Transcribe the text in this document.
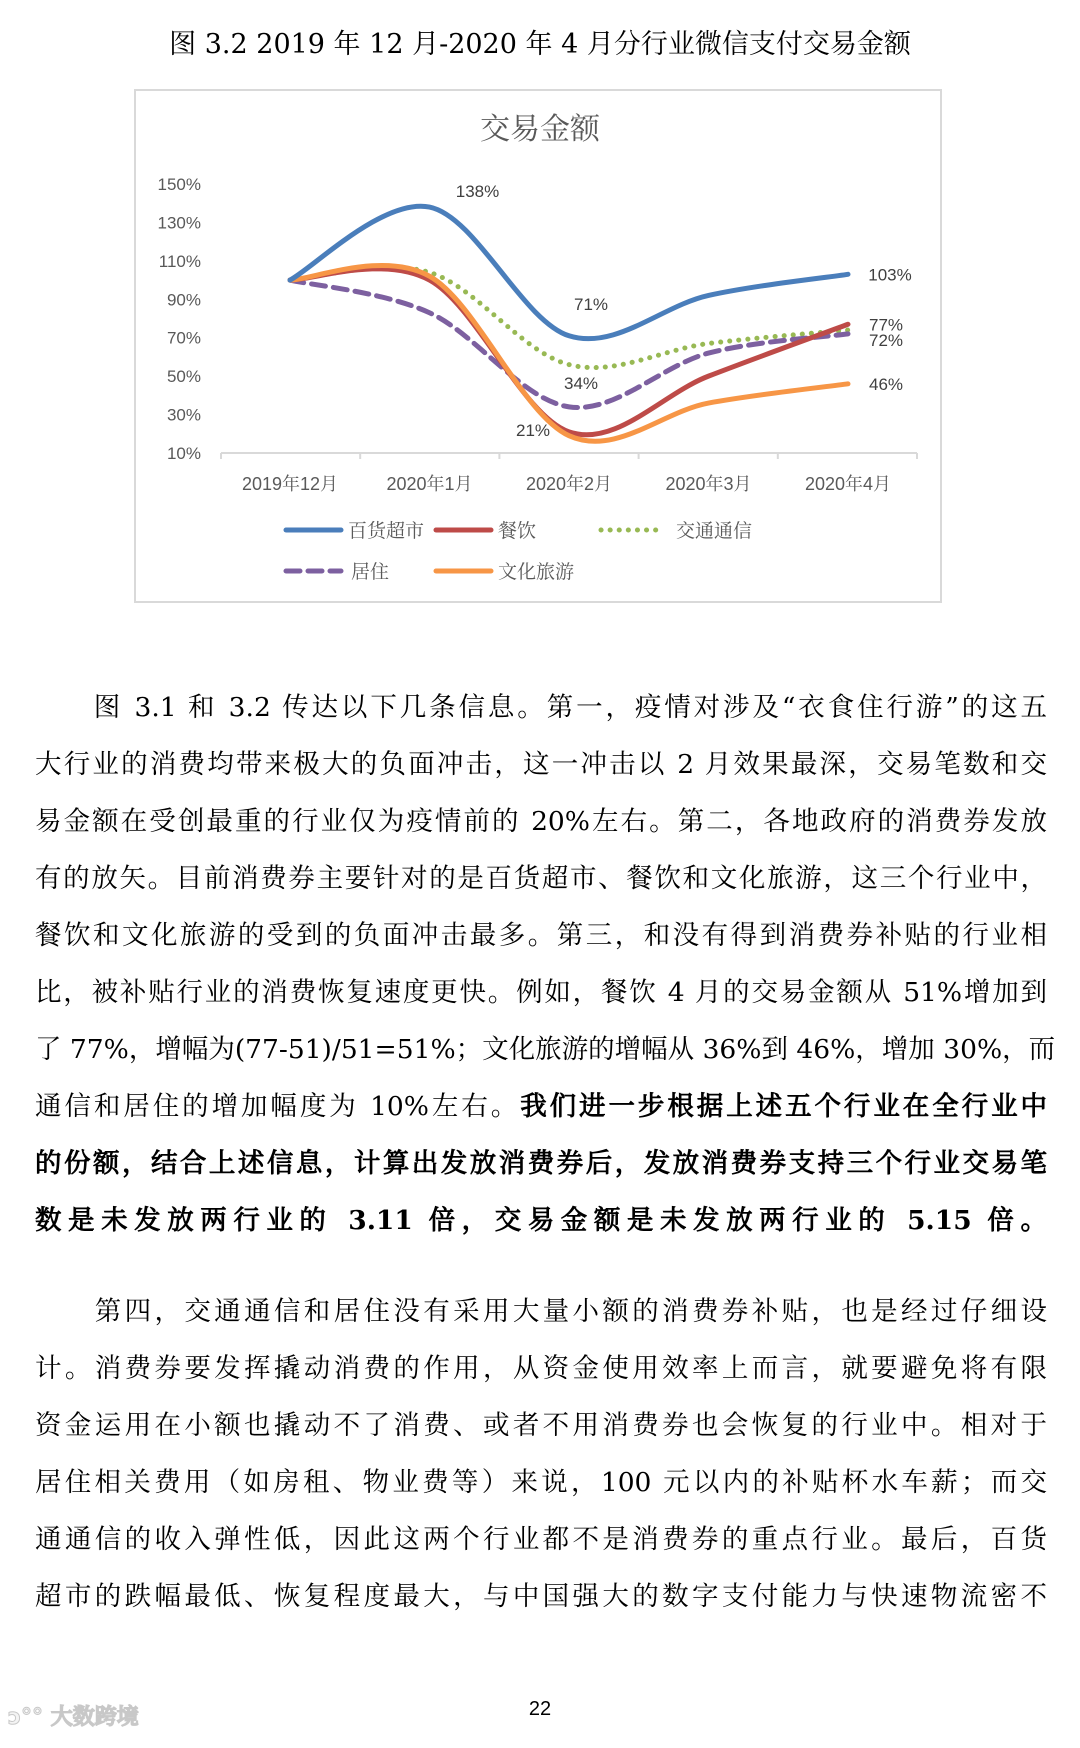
图 3.2 2019 年 12 月-2020 年 4 月分行业微信支付交易金额
交易金额
150%
130%
110%
90%
70%
50%
30%
10%
2019年12月	2020年1月	2020年2月	2020年3月	2020年4月
138%
71%
34%
21%
103%
77%
72%
46%
百货超市	餐饮	交通通信
居住	文化旅游
　　图 3.1 和 3.2 传达以下几条信息。第一，疫情对涉及“衣食住行游”的这五
大行业的消费均带来极大的负面冲击，这一冲击以 2 月效果最深，交易笔数和交
易金额在受创最重的行业仅为疫情前的 20%左右。第二，各地政府的消费券发放
有的放矢。目前消费券主要针对的是百货超市、餐饮和文化旅游，这三个行业中，
餐饮和文化旅游的受到的负面冲击最多。第三，和没有得到消费券补贴的行业相
比，被补贴行业的消费恢复速度更快。例如，餐饮 4 月的交易金额从 51%增加到
了 77%，增幅为(77-51)/51=51%；文化旅游的增幅从 36%到 46%，增加 30%，而
通信和居住的增加幅度为 10%左右。我们进一步根据上述五个行业在全行业中
的份额，结合上述信息，计算出发放消费券后，发放消费券支持三个行业交易笔
数是未发放两行业的 3.11 倍，交易金额是未发放两行业的 5.15 倍。
　　第四，交通通信和居住没有采用大量小额的消费券补贴，也是经过仔细设
计。消费券要发挥撬动消费的作用，从资金使用效率上而言，就要避免将有限
资金运用在小额也撬动不了消费、或者不用消费券也会恢复的行业中。相对于
居住相关费用（如房租、物业费等）来说，100 元以内的补贴杯水车薪；而交
通通信的收入弹性低，因此这两个行业都不是消费券的重点行业。最后，百货
超市的跌幅最低、恢复程度最大，与中国强大的数字支付能力与快速物流密不
ↄ°° 大数跨境	22
